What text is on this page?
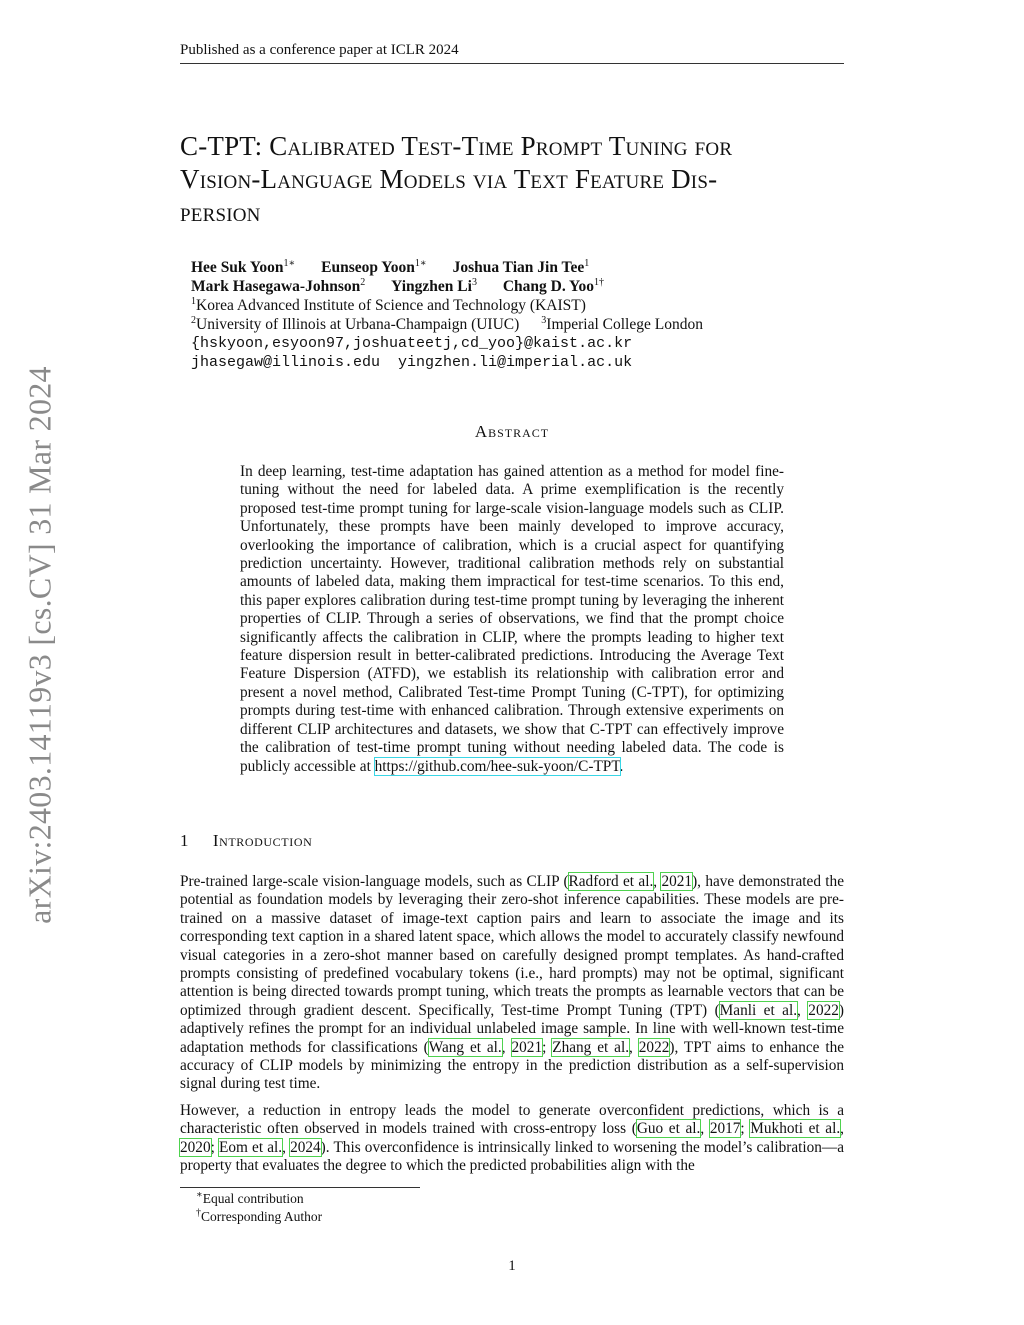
Published as a conference paper at ICLR 2024
arXiv:2403.14119v3 [cs.CV] 31 Mar 2024
C-TPT: Calibrated Test-Time Prompt Tuning for
Vision-Language Models via Text Feature Dis-
persion
Hee Suk Yoon$^{1∗}$ Eunseop Yoon$^{1∗}$ Joshua Tian Jin Tee$^1$
Mark Hasegawa-Johnson$^2$ Yingzhen Li$^3$ Chang D. Yoo$^{1\dagger}$
$^1$Korea Advanced Institute of Science and Technology (KAIST)
$^2$University of Illinois at Urbana-Champaign (UIUC) $^3$Imperial College London
{hskyoon,esyoon97,joshuateetj,cd_yoo}@kaist.ac.kr
jhasegaw@illinois.edu  yingzhen.li@imperial.ac.uk
Abstract
In deep learning, test-time adaptation has gained attention as a method for model fine-tuning without the need for labeled data. A prime exemplification is the recently proposed test-time prompt tuning for large-scale vision-language models such as CLIP. Unfortunately, these prompts have been mainly developed to improve accuracy, overlooking the importance of calibration, which is a crucial aspect for quantifying prediction uncertainty. However, traditional calibration methods rely on substantial amounts of labeled data, making them impractical for test-time scenarios. To this end, this paper explores calibration during test-time prompt tuning by leveraging the inherent properties of CLIP. Through a series of observations, we find that the prompt choice significantly affects the calibration in CLIP, where the prompts leading to higher text feature dispersion result in better-calibrated predictions. Introducing the Average Text Feature Dispersion (ATFD), we establish its relationship with calibration error and present a novel method, Calibrated Test-time Prompt Tuning (C-TPT), for optimizing prompts during test-time with enhanced calibration. Through extensive experiments on different CLIP architectures and datasets, we show that C-TPT can effectively improve the calibration of test-time prompt tuning without needing labeled data. The code is publicly accessible at https://github.com/hee-suk-yoon/C-TPT.
1 Introduction

Pre-trained large-scale vision-language models, such as CLIP (Radford et al., 2021), have demonstrated the potential as foundation models by leveraging their zero-shot inference capabilities. These models are pre-trained on a massive dataset of image-text caption pairs and learn to associate the image and its corresponding text caption in a shared latent space, which allows the model to accurately classify newfound visual categories in a zero-shot manner based on carefully designed prompt templates. As hand-crafted prompts consisting of predefined vocabulary tokens (i.e., hard prompts) may not be optimal, significant attention is being directed towards prompt tuning, which treats the prompts as learnable vectors that can be optimized through gradient descent. Specifically, Test-time Prompt Tuning (TPT) (Manli et al., 2022) adaptively refines the prompt for an individual unlabeled image sample. In line with well-known test-time adaptation methods for classifications (Wang et al., 2021; Zhang et al., 2022), TPT aims to enhance the accuracy of CLIP models by minimizing the entropy in the prediction distribution as a self-supervision signal during test time.

However, a reduction in entropy leads the model to generate overconfident predictions, which is a characteristic often observed in models trained with cross-entropy loss (Guo et al., 2017; Mukhoti et al., 2020; Eom et al., 2024). This overconfidence is intrinsically linked to worsening the model’s calibration—a property that evaluates the degree to which the predicted probabilities align with the

∗Equal contribution
†Corresponding Author
1
